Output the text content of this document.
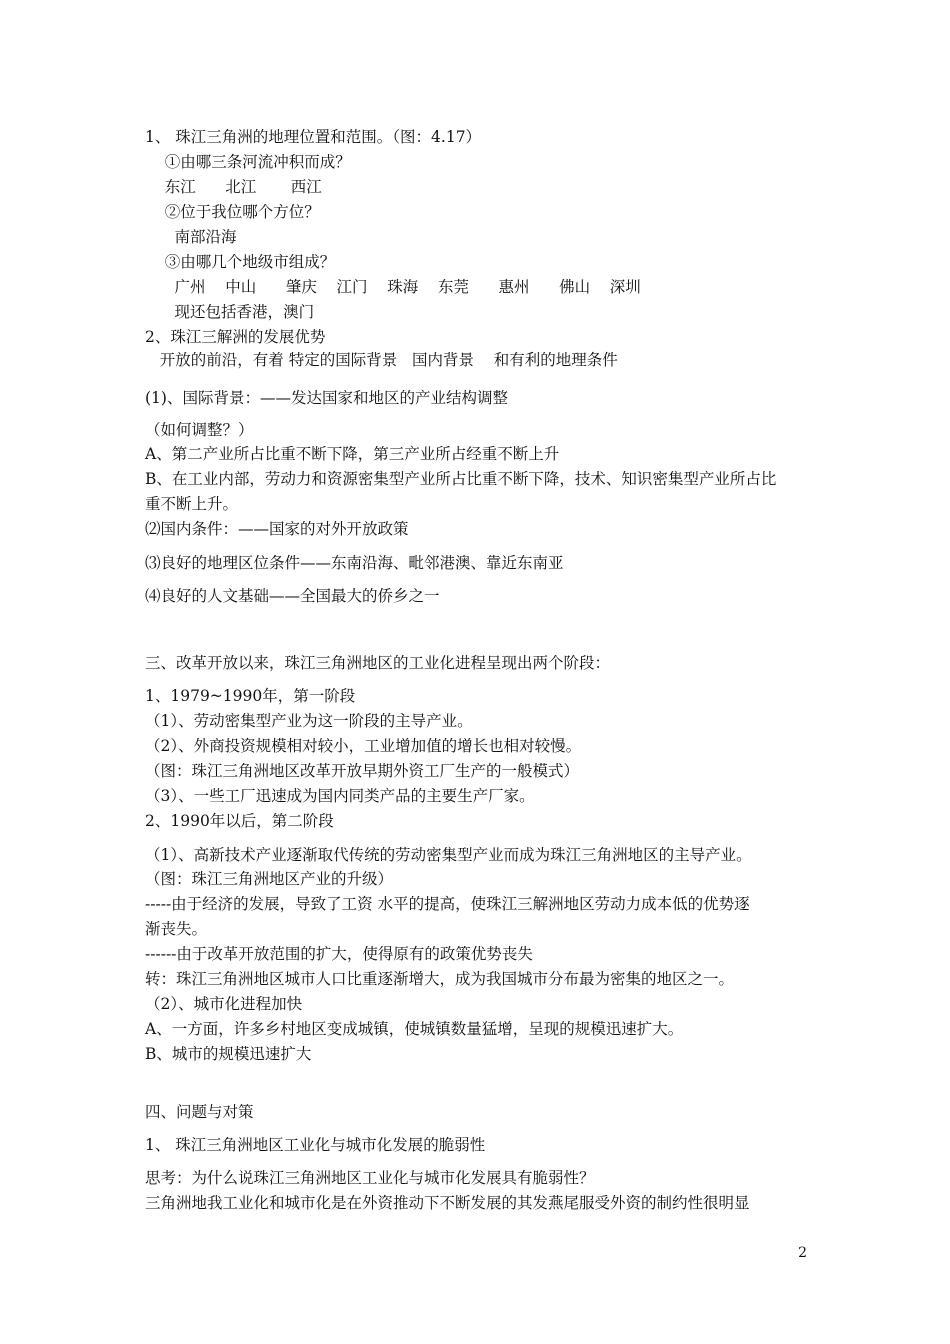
1、 珠江三角洲的地理位置和范围。（图：4.17）
①由哪三条河流冲积而成？
东江      北江       西江
②位于我位哪个方位？
南部沿海
③由哪几个地级市组成？
广州    中山      肇庆    江门    珠海    东莞      惠州      佛山    深圳
现还包括香港，澳门
2、珠江三解洲的发展优势
开放的前沿，有着 特定的国际背景   国内背景    和有利的地理条件
(1)、国际背景：——发达国家和地区的产业结构调整
（如何调整？）
A、第二产业所占比重不断下降，第三产业所占经重不断上升
B、在工业内部，劳动力和资源密集型产业所占比重不断下降，技术、知识密集型产业所占比
重不断上升。
⑵国内条件：——国家的对外开放政策
⑶良好的地理区位条件——东南沿海、毗邻港澳、靠近东南亚
⑷良好的人文基础——全国最大的侨乡之一
三、改革开放以来，珠江三角洲地区的工业化进程呈现出两个阶段：
1、1979~1990年，第一阶段
（1）、劳动密集型产业为这一阶段的主导产业。
（2）、外商投资规模相对较小，工业增加值的增长也相对较慢。
（图：珠江三角洲地区改革开放早期外资工厂生产的一般模式）
（3）、一些工厂迅速成为国内同类产品的主要生产厂家。
2、1990年以后，第二阶段
（1）、高新技术产业逐渐取代传统的劳动密集型产业而成为珠江三角洲地区的主导产业。
（图：珠江三角洲地区产业的升级）
-----由于经济的发展，导致了工资 水平的提高，使珠江三解洲地区劳动力成本低的优势逐
渐丧失。
------由于改革开放范围的扩大，使得原有的政策优势丧失
转：珠江三角洲地区城市人口比重逐渐增大，成为我国城市分布最为密集的地区之一。
（2）、城市化进程加快
A、一方面，许多乡村地区变成城镇，使城镇数量猛增，呈现的规模迅速扩大。
B、城市的规模迅速扩大
四、问题与对策
1、 珠江三角洲地区工业化与城市化发展的脆弱性
思考：为什么说珠江三角洲地区工业化与城市化发展具有脆弱性？
三角洲地我工业化和城市化是在外资推动下不断发展的其发燕尾服受外资的制约性很明显
2
